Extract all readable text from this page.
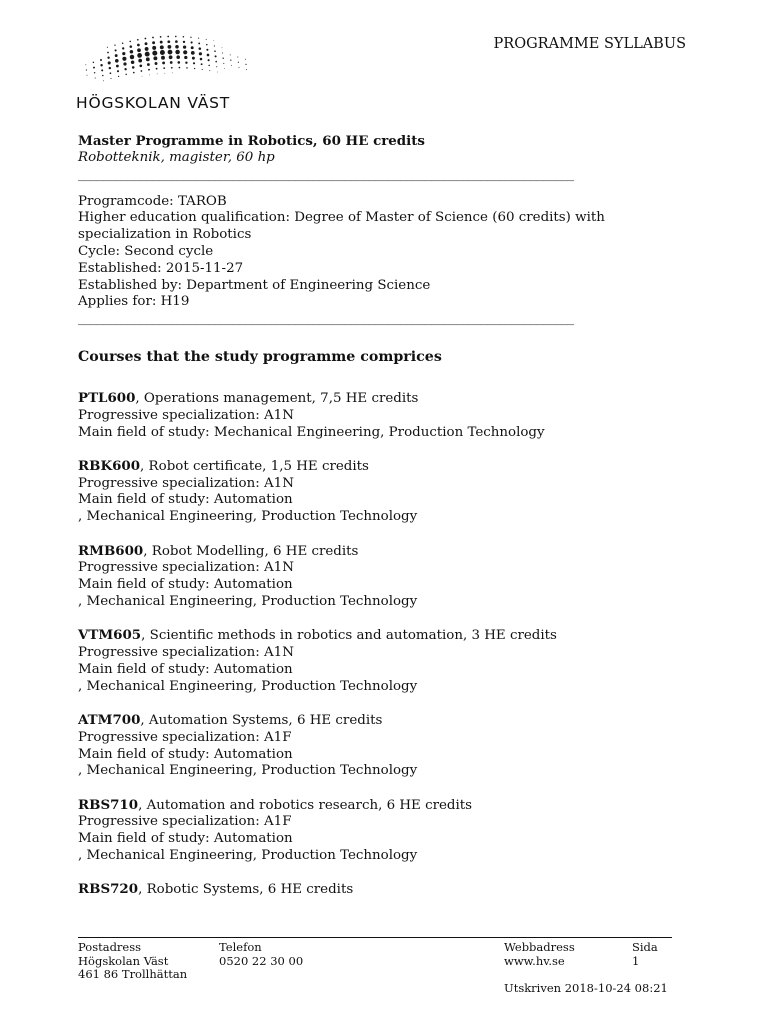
HÖGSKOLAN VÄST
PROGRAMME SYLLABUS
Master Programme in Robotics, 60 HE credits
Robotteknik, magister, 60 hp
________________________________________________________________________________
Programcode: TAROB
Higher education qualification: Degree of Master of Science (60 credits) with specialization in Robotics
Cycle: Second cycle
Established: 2015-11-27
Established by: Department of Engineering Science
Applies for: H19
________________________________________________________________________________
Courses that the study programme comprices
PTL600, Operations management, 7,5 HE credits
Progressive specialization: A1N
Main field of study: Mechanical Engineering, Production Technology
RBK600, Robot certificate, 1,5 HE credits
Progressive specialization: A1N
Main field of study: Automation
, Mechanical Engineering, Production Technology
RMB600, Robot Modelling, 6 HE credits
Progressive specialization: A1N
Main field of study: Automation
, Mechanical Engineering, Production Technology
VTM605, Scientific methods in robotics and automation, 3 HE credits
Progressive specialization: A1N
Main field of study: Automation
, Mechanical Engineering, Production Technology
ATM700, Automation Systems, 6 HE credits
Progressive specialization: A1F
Main field of study: Automation
, Mechanical Engineering, Production Technology
RBS710, Automation and robotics research, 6 HE credits
Progressive specialization: A1F
Main field of study: Automation
, Mechanical Engineering, Production Technology
RBS720, Robotic Systems, 6 HE credits
Postadress
Högskolan Väst
461 86 Trollhättan
Telefon
0520 22 30 00
Webbadress
www.hv.se
Sida
1
Utskriven 2018-10-24 08:21
